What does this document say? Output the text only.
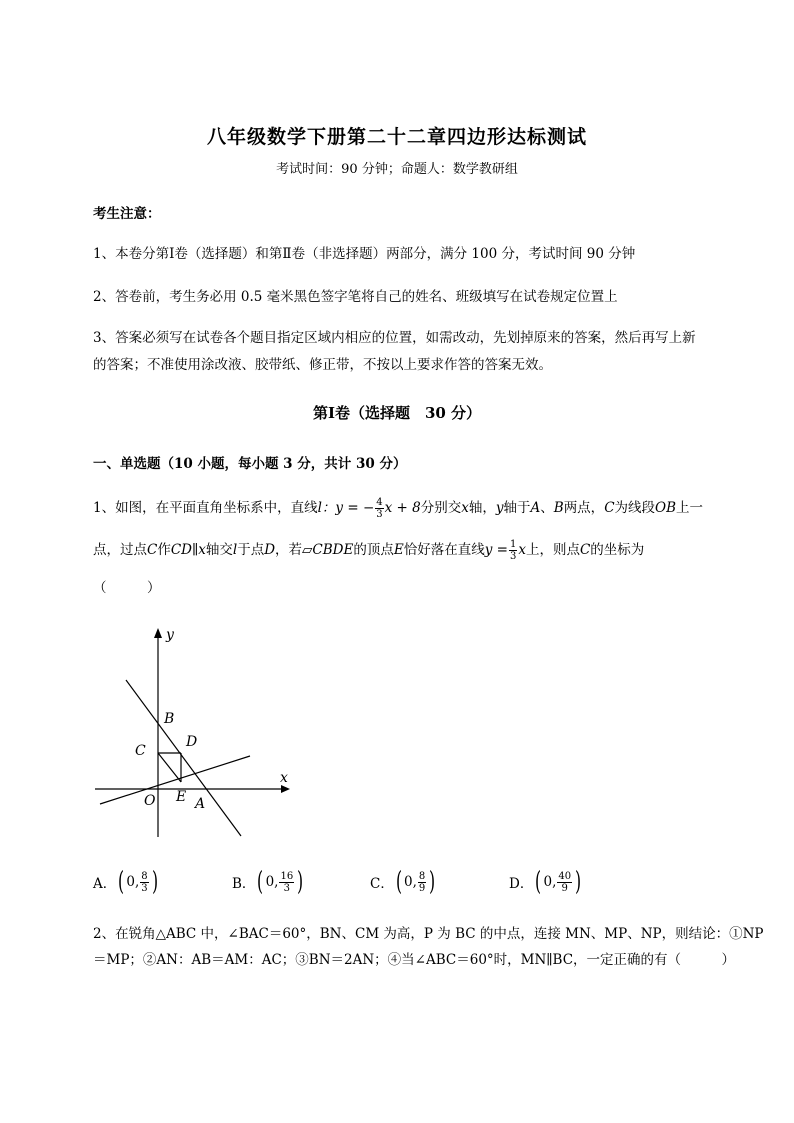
八年级数学下册第二十二章四边形达标测试
考试时间：90 分钟；命题人：数学教研组
考生注意：
1、本卷分第Ⅰ卷（选择题）和第Ⅱ卷（非选择题）两部分，满分 100 分，考试时间 90 分钟
2、答卷前，考生务必用 0.5 毫米黑色签字笔将自己的姓名、班级填写在试卷规定位置上
3、答案必须写在试卷各个题目指定区域内相应的位置，如需改动，先划掉原来的答案，然后再写上新
的答案；不准使用涂改液、胶带纸、修正带，不按以上要求作答的答案无效。
第Ⅰ卷（选择题　30 分）
一、单选题（10 小题，每小题 3 分，共计 30 分）
1、如图，在平面直角坐标系中，直线l：y = − $\frac{4}{3}$ x + 8分别交x轴，y轴于A、B两点，C为线段OB上一
点，过点C作CD∥x轴交l于点D，若▱CBDE的顶点E恰好落在直线$y = \frac{1}{3}$ x上，则点C的坐标为
（　　　）
y
x
B
C
D
O E A
A．( 0, $\frac{8}{3}$ )	B．( 0, $\frac{16}{3}$ )	C．( 0, $\frac{8}{9}$ )	D．( 0, $\frac{40}{9}$ )
2、在锐角△ABC 中，∠BAC＝60°，BN、CM 为高，P 为 BC 的中点，连接 MN、MP、NP，则结论：①NP
＝MP；②AN：AB＝AM：AC；③BN＝2AN；④当∠ABC＝60°时，MN∥BC，一定正确的有（　　　）
